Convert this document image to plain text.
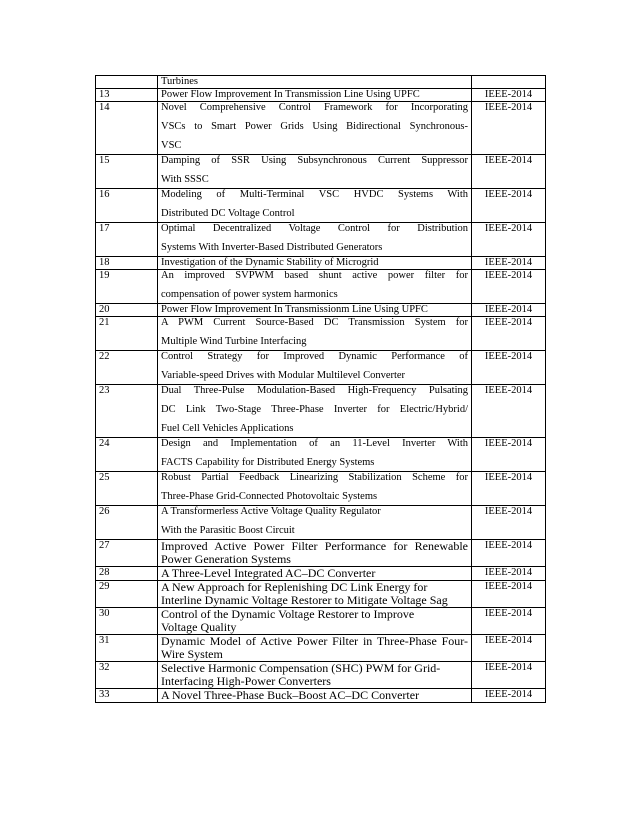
	Turbines	

13	Power Flow Improvement In Transmission Line Using UPFC	IEEE-2014
14	Novel Comprehensive Control Framework for Incorporating
VSCs to Smart Power Grids Using Bidirectional Synchronous-
VSC	IEEE-2014
15	Damping of SSR Using Subsynchronous Current Suppressor
With SSSC	IEEE-2014
16	Modeling of Multi-Terminal VSC HVDC Systems With
Distributed DC Voltage Control	IEEE-2014
17	Optimal Decentralized Voltage Control for Distribution
Systems With Inverter-Based Distributed Generators	IEEE-2014
18	Investigation of the Dynamic Stability of Microgrid	IEEE-2014
19	An improved SVPWM based shunt active power filter for
compensation of power system harmonics	IEEE-2014
20	Power Flow Improvement In Transmissionm Line Using UPFC	IEEE-2014
21	A PWM Current Source-Based DC Transmission System for
Multiple Wind Turbine Interfacing	IEEE-2014
22	Control Strategy for Improved Dynamic Performance of
Variable-speed Drives with Modular Multilevel Converter	IEEE-2014
23	Dual Three-Pulse Modulation-Based High-Frequency Pulsating
DC Link Two-Stage Three-Phase Inverter for Electric/Hybrid/
Fuel Cell Vehicles Applications	IEEE-2014
24	Design and Implementation of an 11-Level Inverter With
FACTS Capability for Distributed Energy Systems	IEEE-2014
25	Robust Partial Feedback Linearizing Stabilization Scheme for
Three-Phase Grid-Connected Photovoltaic Systems	IEEE-2014
26	A Transformerless Active Voltage Quality Regulator
With the Parasitic Boost Circuit	IEEE-2014
27	Improved Active Power Filter Performance for Renewable
Power Generation Systems	IEEE-2014
28	A Three-Level Integrated AC–DC Converter	IEEE-2014
29	A New Approach for Replenishing DC Link Energy for
Interline Dynamic Voltage Restorer to Mitigate Voltage Sag	IEEE-2014
30	Control of the Dynamic Voltage Restorer to Improve
Voltage Quality	IEEE-2014
31	Dynamic Model of Active Power Filter in Three-Phase Four-
Wire System	IEEE-2014
32	Selective Harmonic Compensation (SHC) PWM for Grid-
Interfacing High-Power Converters	IEEE-2014
33	A Novel Three-Phase Buck–Boost AC–DC Converter	IEEE-2014
